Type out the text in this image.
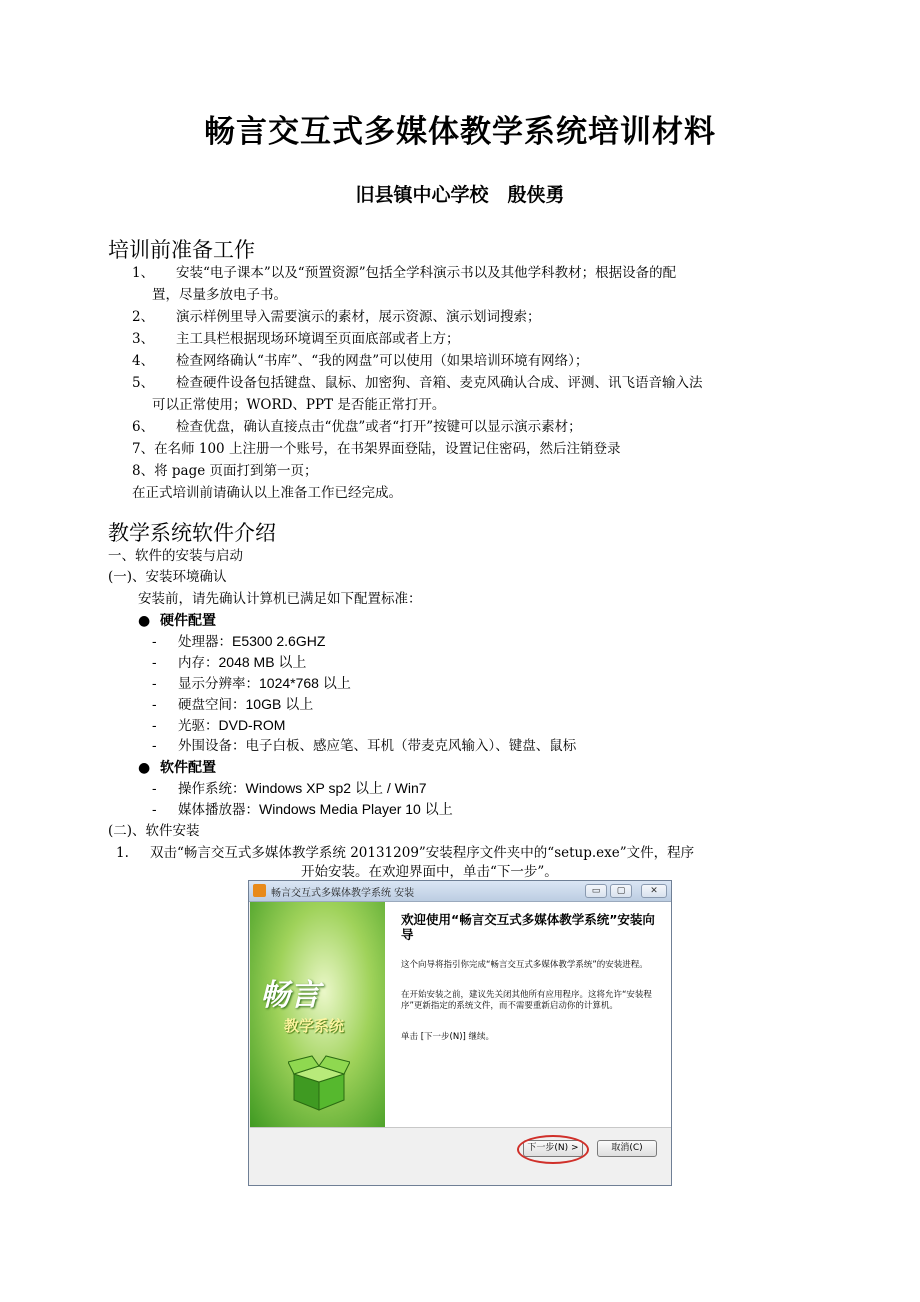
畅言交互式多媒体教学系统培训材料
旧县镇中心学校　殷侠勇
培训前准备工作
1、 安装“电子课本”以及“预置资源”包括全学科演示书以及其他学科教材；根据设备的配
置，尽量多放电子书。
2、 演示样例里导入需要演示的素材，展示资源、演示划词搜索；
3、 主工具栏根据现场环境调至页面底部或者上方；
4、 检查网络确认“书库”、“我的网盘”可以使用（如果培训环境有网络）；
5、 检查硬件设备包括键盘、鼠标、加密狗、音箱、麦克风确认合成、评测、讯飞语音输入法
可以正常使用；WORD、PPT 是否能正常打开。
6、 检查优盘，确认直接点击“优盘”或者“打开”按键可以显示演示素材；
7、在名师 100 上注册一个账号，在书架界面登陆，设置记住密码，然后注销登录
8、将 page 页面打到第一页；
在正式培训前请确认以上准备工作已经完成。
教学系统软件介绍
一、软件的安装与启动
(一)、安装环境确认
安装前，请先确认计算机已满足如下配置标准：
● 硬件配置
- 处理器：E5300 2.6GHZ
- 内存：2048 MB 以上
- 显示分辨率：1024*768 以上
- 硬盘空间：10GB 以上
- 光驱：DVD-ROM
- 外围设备：电子白板、感应笔、耳机（带麦克风输入）、键盘、鼠标
● 软件配置
- 操作系统：Windows XP sp2 以上 / Win7
- 媒体播放器：Windows Media Player 10 以上
(二)、软件安装
1. 双击“畅言交互式多媒体教学系统 20131209”安装程序文件夹中的“setup.exe”文件，程序
开始安装。在欢迎界面中，单击“下一步”。
畅言交互式多媒体教学系统 安装	▭	▢	✕
畅言
教学系统
欢迎使用“畅言交互式多媒体教学系统”安装向导
这个向导将指引你完成“畅言交互式多媒体教学系统”的安装进程。
在开始安装之前，建议先关闭其他所有应用程序。这将允许“安装程序”更新指定的系统文件，而不需要重新启动你的计算机。
单击 [下一步(N)] 继续。
下一步(N) >	取消(C)
